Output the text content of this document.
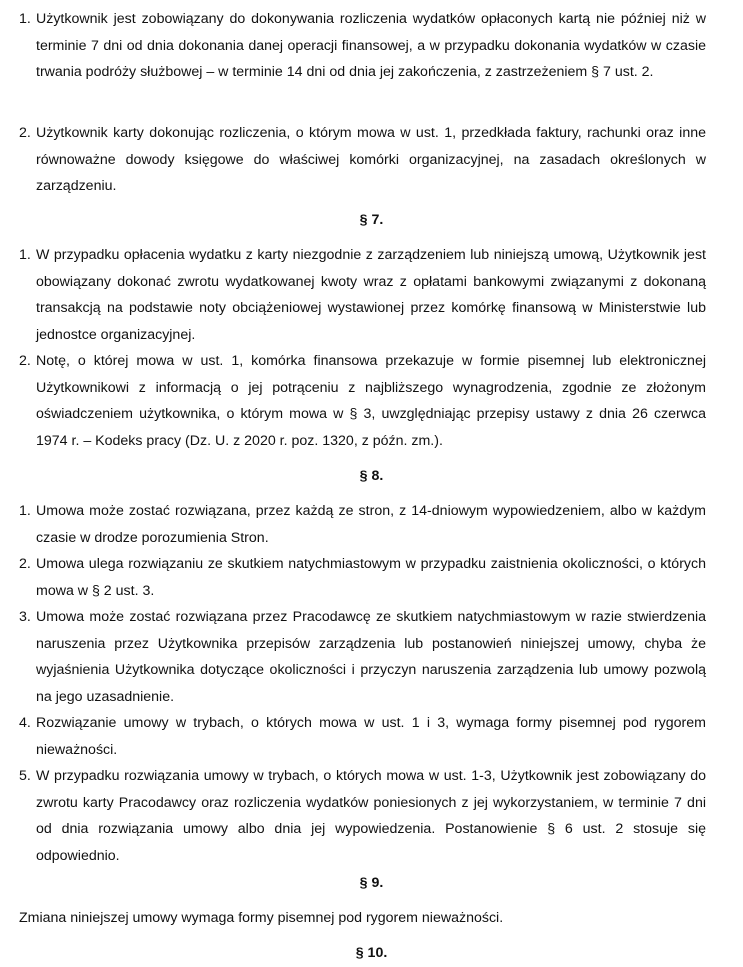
1. Użytkownik jest zobowiązany do dokonywania rozliczenia wydatków opłaconych kartą nie później niż w terminie 7 dni od dnia dokonania danej operacji finansowej, a w przypadku dokonania wydatków w czasie trwania podróży służbowej – w terminie 14 dni od dnia jej zakończenia, z zastrzeżeniem § 7 ust. 2.
2. Użytkownik karty dokonując rozliczenia, o którym mowa w ust. 1, przedkłada faktury, rachunki oraz inne równoważne dowody księgowe do właściwej komórki organizacyjnej, na zasadach określonych w zarządzeniu.
§ 7.
1. W przypadku opłacenia wydatku z karty niezgodnie z zarządzeniem lub niniejszą umową, Użytkownik jest obowiązany dokonać zwrotu wydatkowanej kwoty wraz z opłatami bankowymi związanymi z dokonaną transakcją na podstawie noty obciążeniowej wystawionej przez komórkę finansową w Ministerstwie lub jednostce organizacyjnej.
2. Notę, o której mowa w ust. 1, komórka finansowa przekazuje w formie pisemnej lub elektronicznej Użytkownikowi z informacją o jej potrąceniu z najbliższego wynagrodzenia, zgodnie ze złożonym oświadczeniem użytkownika, o którym mowa w § 3, uwzględniając przepisy ustawy z dnia 26 czerwca 1974 r. – Kodeks pracy (Dz. U. z 2020 r. poz. 1320, z późn. zm.).
§ 8.
1. Umowa może zostać rozwiązana, przez każdą ze stron, z 14-dniowym wypowiedzeniem, albo w każdym czasie w drodze porozumienia Stron.
2. Umowa ulega rozwiązaniu ze skutkiem natychmiastowym w przypadku zaistnienia okoliczności, o których mowa w § 2 ust. 3.
3. Umowa może zostać rozwiązana przez Pracodawcę ze skutkiem natychmiastowym w razie stwierdzenia naruszenia przez Użytkownika przepisów zarządzenia lub postanowień niniejszej umowy, chyba że wyjaśnienia Użytkownika dotyczące okoliczności i przyczyn naruszenia zarządzenia lub umowy pozwolą na jego uzasadnienie.
4. Rozwiązanie umowy w trybach, o których mowa w ust. 1 i 3, wymaga formy pisemnej pod rygorem nieważności.
5. W przypadku rozwiązania umowy w trybach, o których mowa w ust. 1-3, Użytkownik jest zobowiązany do zwrotu karty Pracodawcy oraz rozliczenia wydatków poniesionych z jej wykorzystaniem, w terminie 7 dni od dnia rozwiązania umowy albo dnia jej wypowiedzenia. Postanowienie § 6 ust. 2 stosuje się odpowiednio.
§ 9.
Zmiana niniejszej umowy wymaga formy pisemnej pod rygorem nieważności.
§ 10.
